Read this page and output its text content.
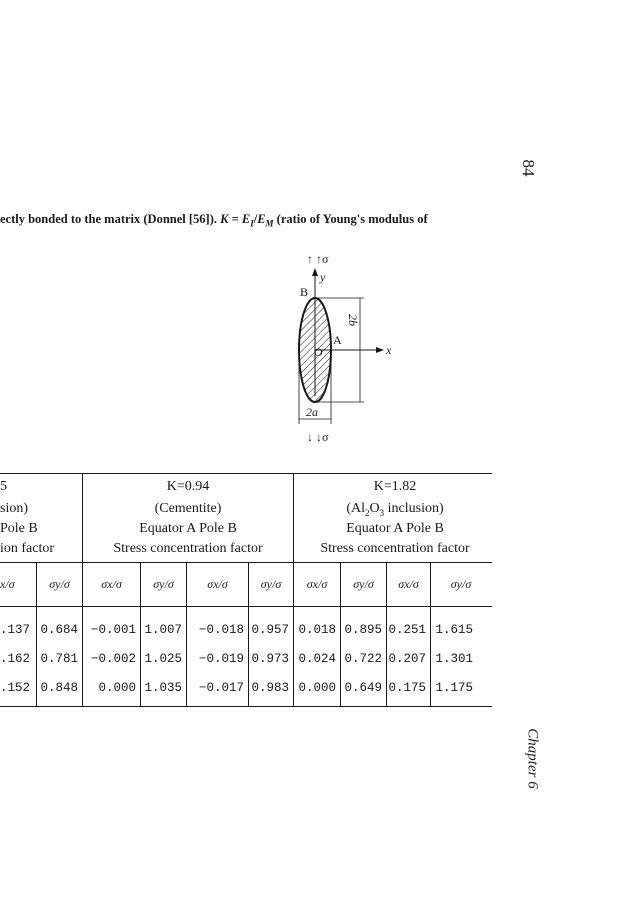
84
Chapter 6
ectly bonded to the matrix (Donnel [56]). $K = E_I/E_M$ (ratio of Young's modulus of
↑ ↑σ
y
B
O	x
A
2b
2a
↓ ↓σ
5
sion)
Pole B
ion factor
K=0.94
(Cementite)
Equator A Pole B
Stress concentration factor
K=1.82
($Al_2O_3$ inclusion)
Equator A Pole B
Stress concentration factor
x/σ	σy/σ	σx/σ	σy/σ	σx/σ	σy/σ	σx/σ	σy/σ	σx/σ	σy/σ
.137 0.684	−0.001 1.007	−0.018 0.957 0.018 0.895 0.251 1.615
.162 0.781	−0.002 1.025	−0.019 0.973 0.024 0.722 0.207 1.301
.152 0.848	0.000 1.035	−0.017 0.983 0.000 0.649 0.175 1.175
